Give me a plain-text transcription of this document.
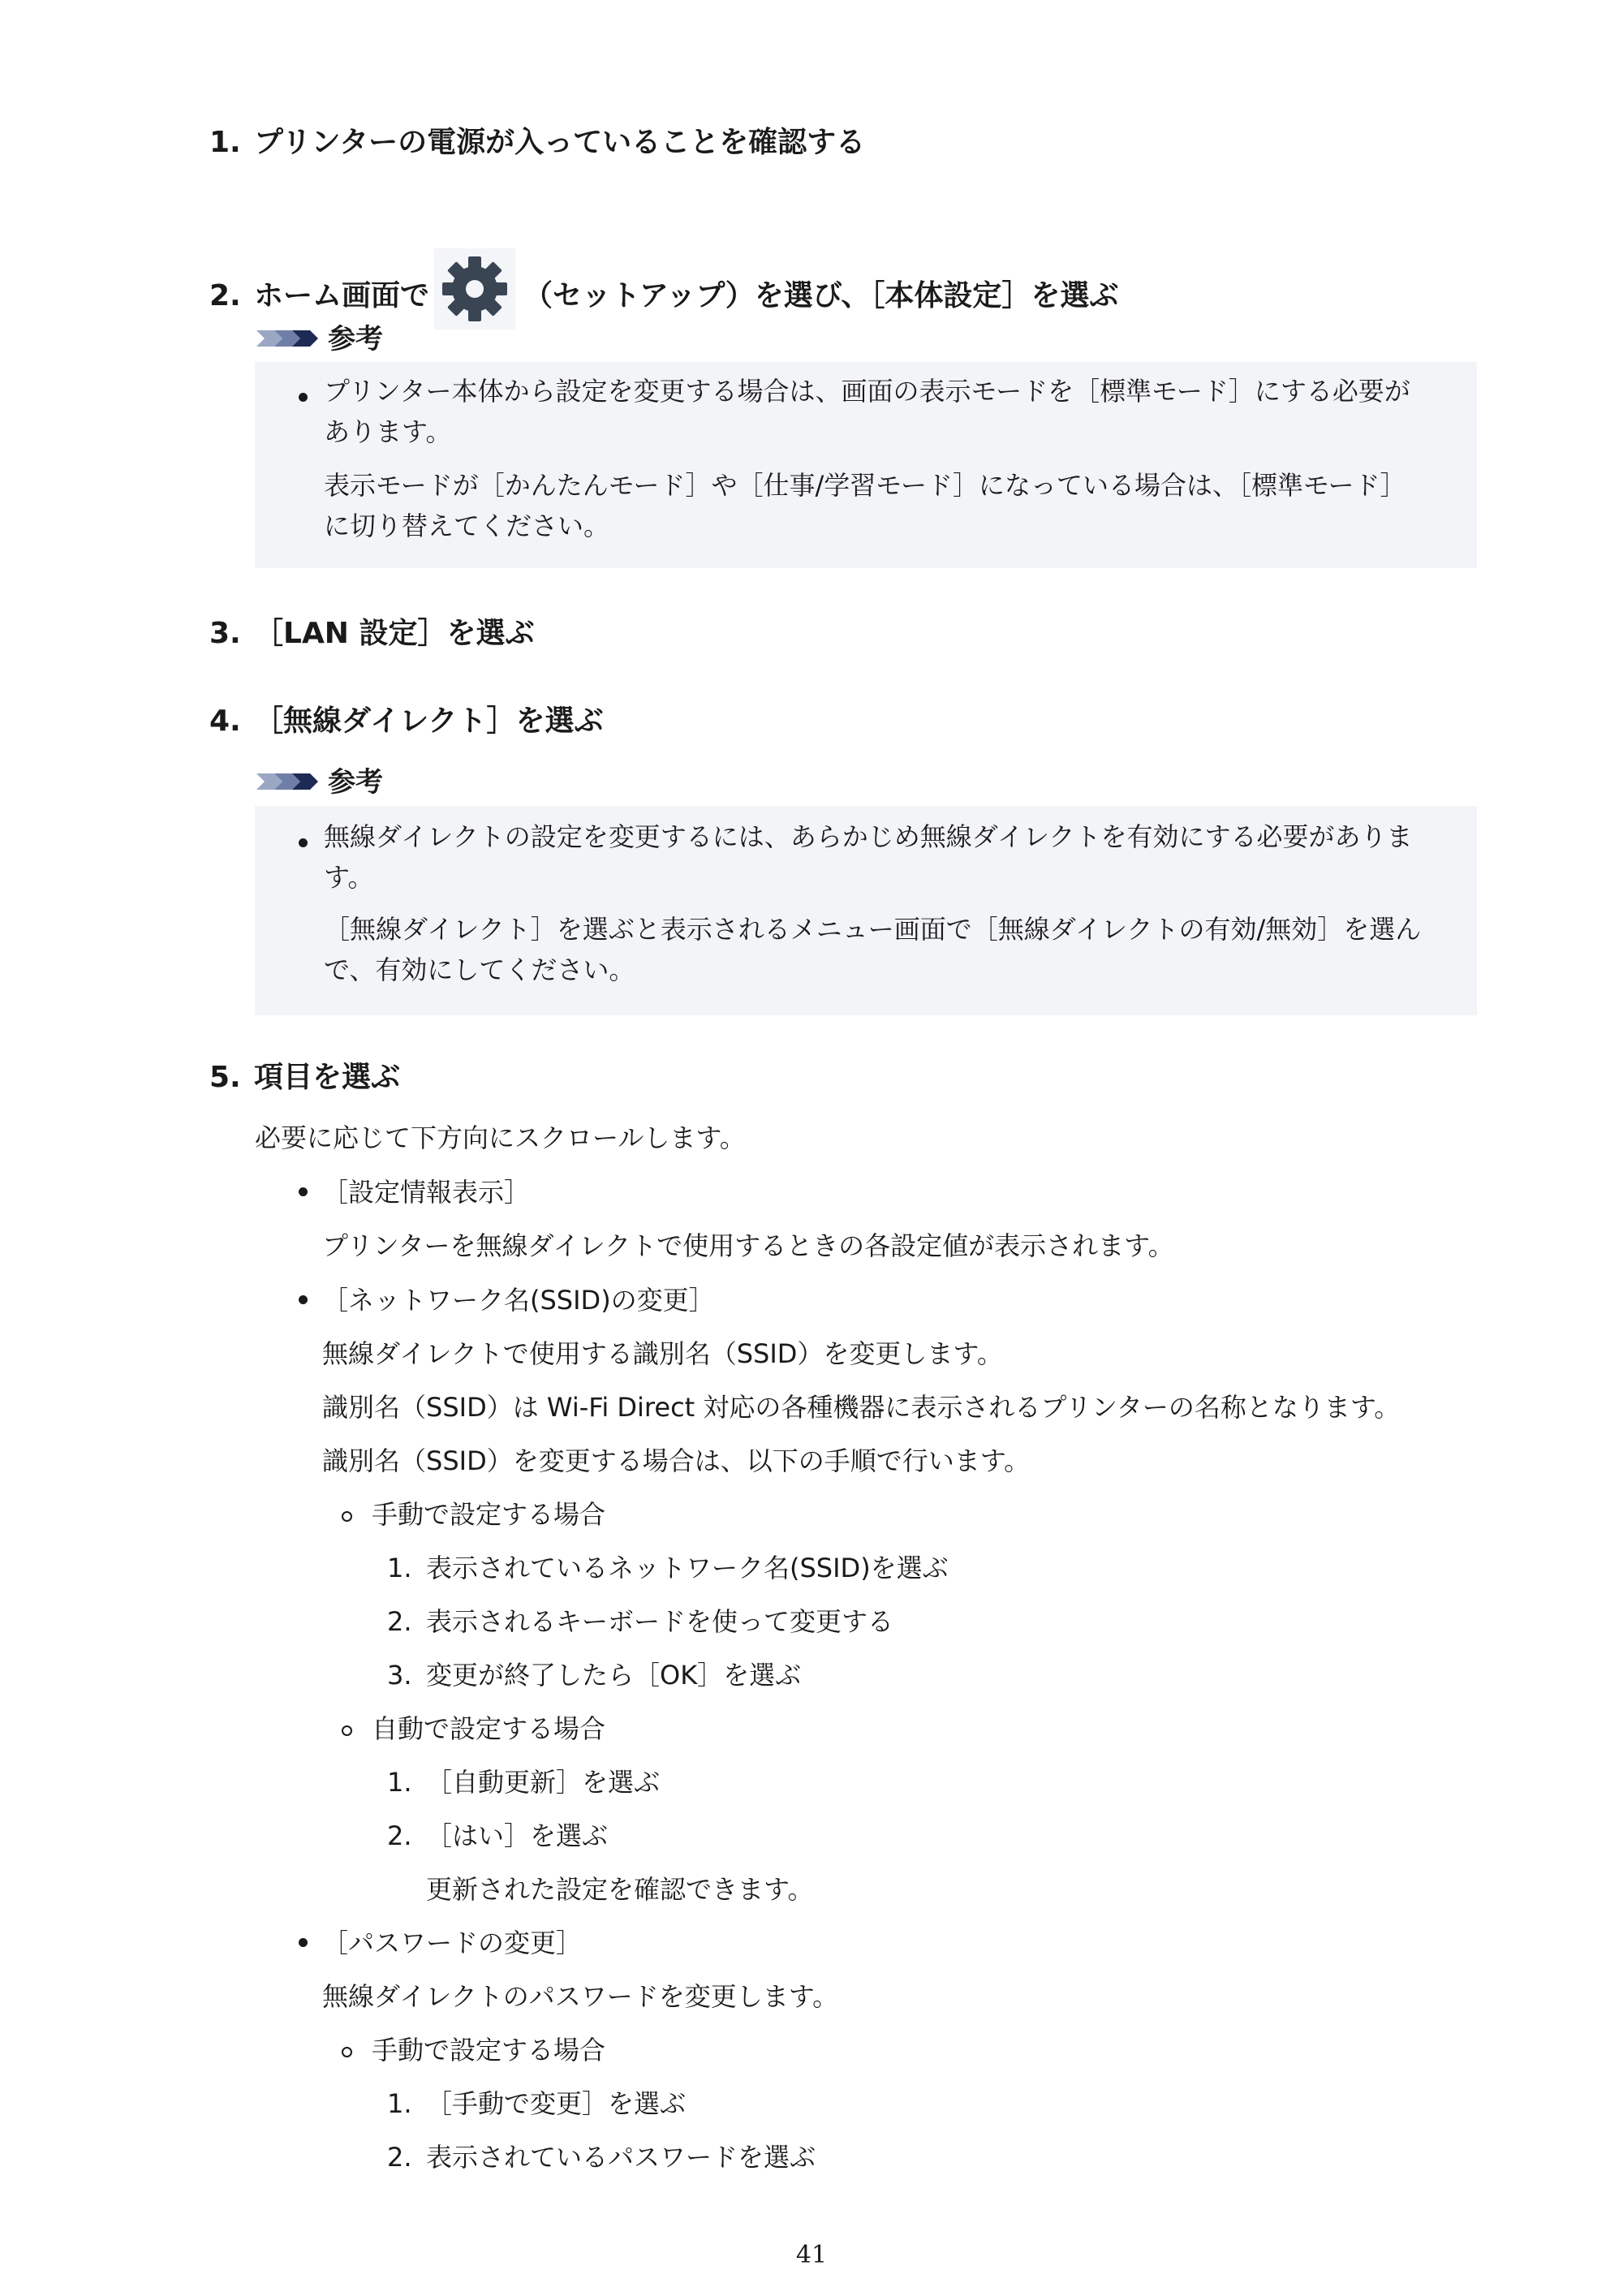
1. プリンターの電源が入っていることを確認する
2. ホーム画面で	（セットアップ）を選び、［本体設定］を選ぶ
参考
プリンター本体から設定を変更する場合は、画面の表示モードを［標準モード］にする必要が
あります。
表示モードが［かんたんモード］や［仕事/学習モード］になっている場合は、［標準モード］
に切り替えてください。
3. ［LAN 設定］を選ぶ
4. ［無線ダイレクト］を選ぶ
参考
無線ダイレクトの設定を変更するには、あらかじめ無線ダイレクトを有効にする必要がありま
す。
［無線ダイレクト］を選ぶと表示されるメニュー画面で［無線ダイレクトの有効/無効］を選ん
で、有効にしてください。
5. 項目を選ぶ
必要に応じて下方向にスクロールします。
［設定情報表示］
プリンターを無線ダイレクトで使用するときの各設定値が表示されます。
［ネットワーク名(SSID)の変更］
無線ダイレクトで使用する識別名（SSID）を変更します。
識別名（SSID）は Wi-Fi Direct 対応の各種機器に表示されるプリンターの名称となります。
識別名（SSID）を変更する場合は、以下の手順で行います。
手動で設定する場合
1. 表示されているネットワーク名(SSID)を選ぶ
2. 表示されるキーボードを使って変更する
3. 変更が終了したら［OK］を選ぶ
自動で設定する場合
1. ［自動更新］を選ぶ
2. ［はい］を選ぶ
更新された設定を確認できます。
［パスワードの変更］
無線ダイレクトのパスワードを変更します。
手動で設定する場合
1. ［手動で変更］を選ぶ
2. 表示されているパスワードを選ぶ
41
